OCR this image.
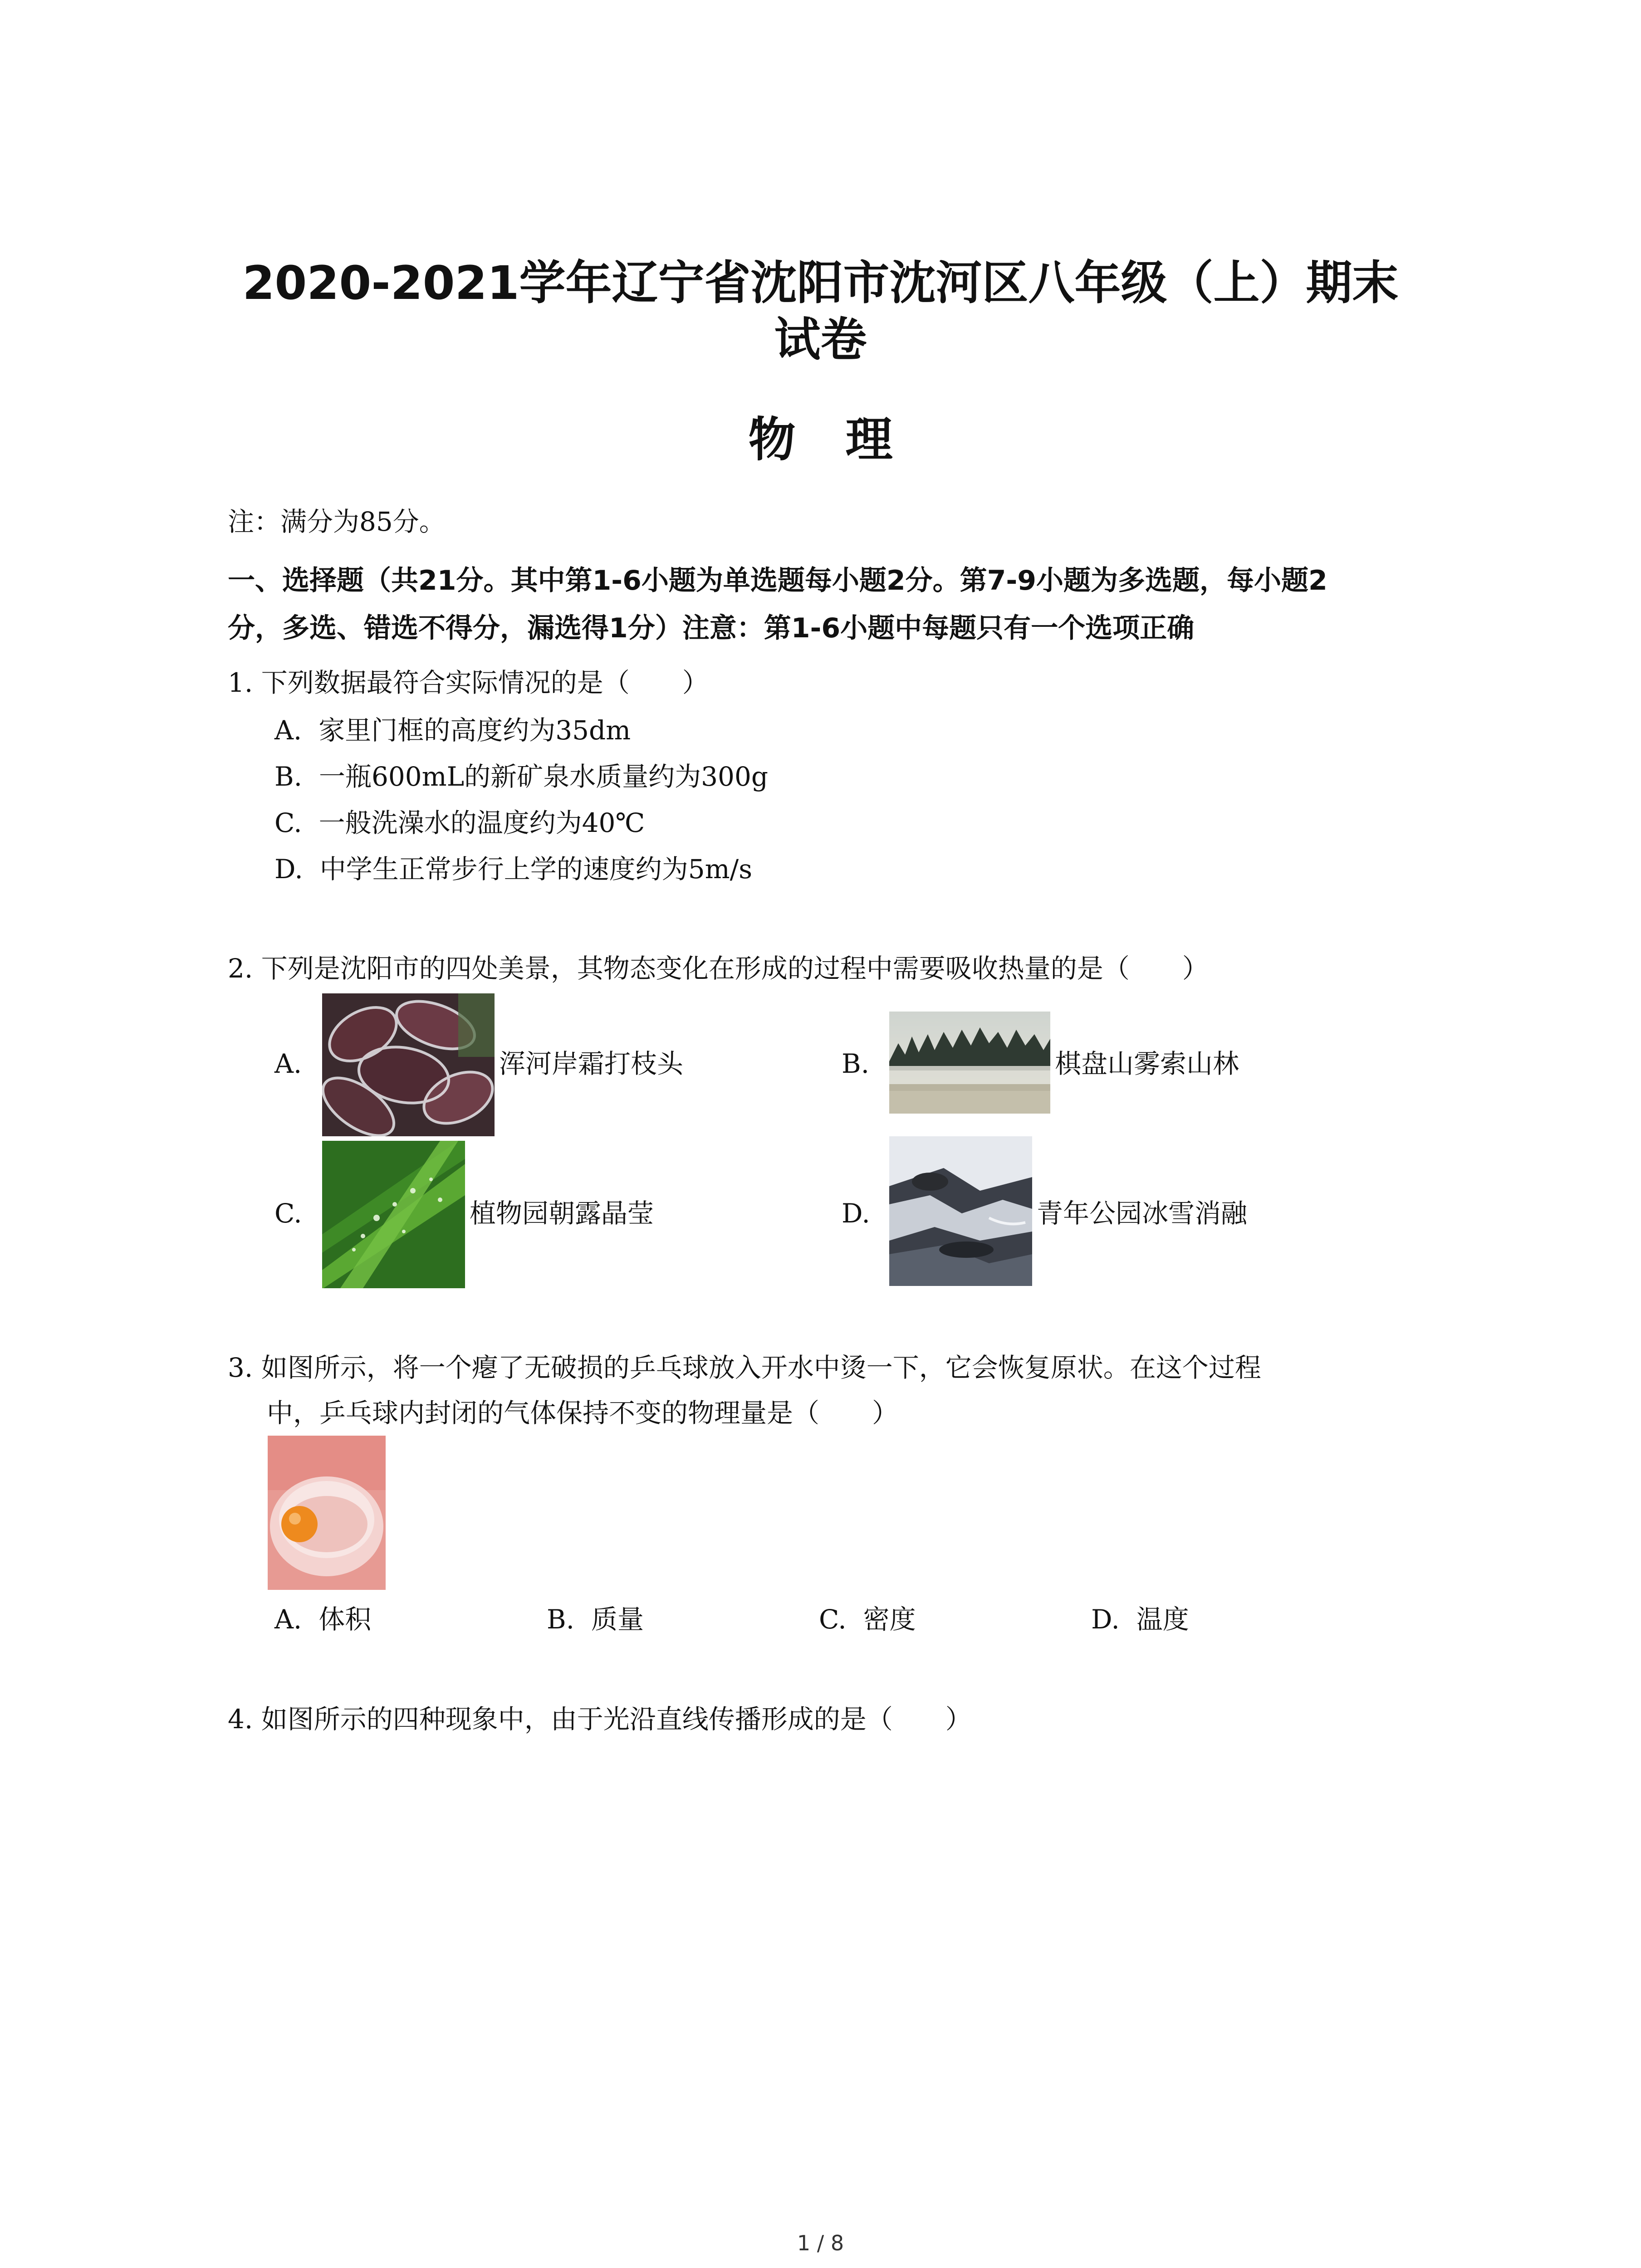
2020-2021学年辽宁省沈阳市沈河区八年级（上）期末
试卷
物理
注：满分为85分。
一、选择题（共21分。其中第1-6小题为单选题每小题2分。第7-9小题为多选题，每小题2
分，多选、错选不得分，漏选得1分）注意：第1-6小题中每题只有一个选项正确
1. 下列数据最符合实际情况的是（　　）
A. 家里门框的高度约为35dm
B. 一瓶600mL的新矿泉水质量约为300g
C. 一般洗澡水的温度约为40℃
D. 中学生正常步行上学的速度约为5m/s
2. 下列是沈阳市的四处美景，其物态变化在形成的过程中需要吸收热量的是（　　）
A.	浑河岸霜打枝头	B.	棋盘山雾索山林
C.	植物园朝露晶莹	D.	青年公园冰雪消融
3. 如图所示，将一个瘪了无破损的乒乓球放入开水中烫一下，它会恢复原状。在这个过程
中，乒乓球内封闭的气体保持不变的物理量是（　　）
A. 体积	B. 质量	C. 密度	D. 温度
4. 如图所示的四种现象中，由于光沿直线传播形成的是（　　）
1 / 8
